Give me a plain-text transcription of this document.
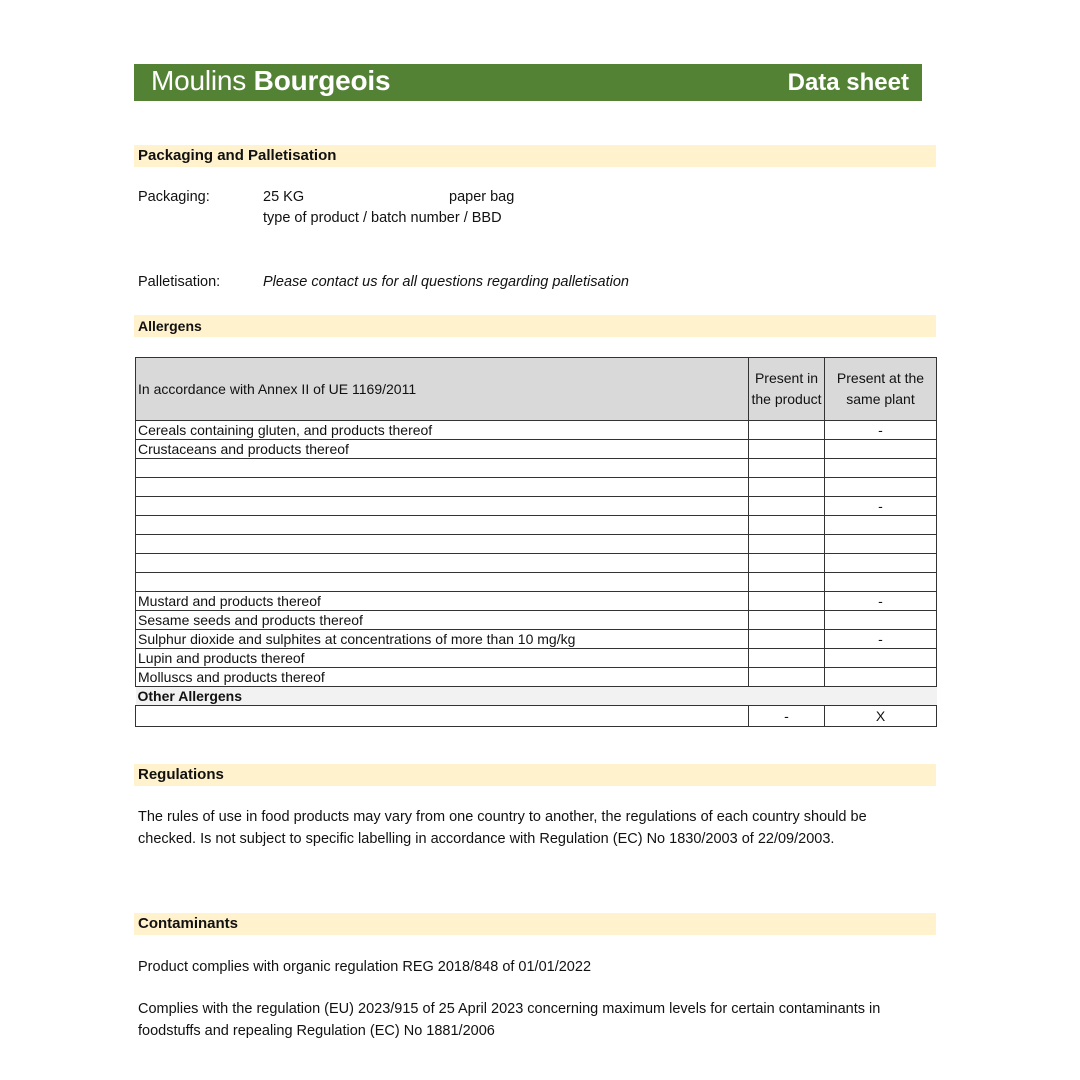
Moulins Bourgeois	Data sheet
Packaging and Palletisation
Packaging:	25 KG	paper bag
type of product / batch number / BBD
Palletisation:	Please contact us for all questions regarding palletisation
Allergens
In accordance with Annex II of UE 1169/2011	Present in the product	Present at the same plant
Cereals containing gluten, and products thereof		-
Crustaceans and products thereof		

		-

Mustard and products thereof		-
Sesame seeds and products thereof		
Sulphur dioxide and sulphites at concentrations of more than 10 mg/kg		-
Lupin and products thereof		
Molluscs and products thereof		
Other Allergens		
	-	X
Regulations
The rules of use in food products may vary from one country to another, the regulations of each country should be
checked. Is not subject to specific labelling in accordance with Regulation (EC) No 1830/2003 of 22/09/2003.
Contaminants
Product complies with organic regulation REG 2018/848 of 01/01/2022
Complies with the regulation (EU) 2023/915 of 25 April 2023 concerning maximum levels for certain contaminants in
foodstuffs and repealing Regulation (EC) No 1881/2006
